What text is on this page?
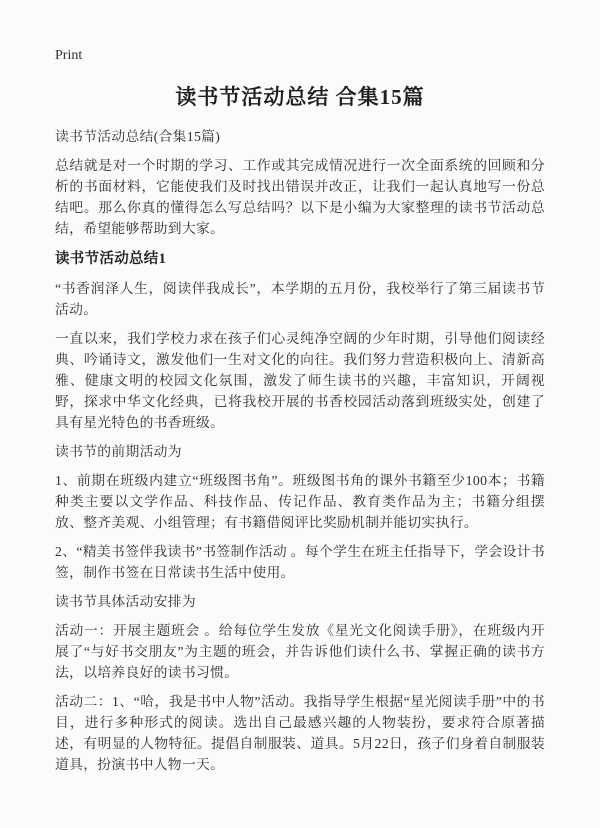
Print
读书节活动总结 合集15篇

读书节活动总结(合集15篇)

总结就是对一个时期的学习、工作或其完成情况进行一次全面系统的回顾和分析的书面材料，它能使我们及时找出错误并改正，让我们一起认真地写一份总结吧。那么你真的懂得怎么写总结吗？以下是小编为大家整理的读书节活动总结，希望能够帮助到大家。

读书节活动总结1

“书香润泽人生，阅读伴我成长”，本学期的五月份，我校举行了第三届读书节活动。

一直以来，我们学校力求在孩子们心灵纯净空阔的少年时期，引导他们阅读经典、吟诵诗文，激发他们一生对文化的向往。我们努力营造积极向上、清新高雅、健康文明的校园文化氛围，激发了师生读书的兴趣，丰富知识，开阔视野，探求中华文化经典，已将我校开展的书香校园活动落到班级实处，创建了具有星光特色的书香班级。

读书节的前期活动为

1、前期在班级内建立“班级图书角”。班级图书角的课外书籍至少100本；书籍种类主要以文学作品、科技作品、传记作品、教育类作品为主；书籍分组摆放、整齐美观、小组管理；有书籍借阅评比奖励机制并能切实执行。

2、“精美书签伴我读书”书签制作活动 。每个学生在班主任指导下，学会设计书签，制作书签在日常读书生活中使用。

读书节具体活动安排为

活动一：开展主题班会 。给每位学生发放《星光文化阅读手册》，在班级内开展了“与好书交朋友”为主题的班会，并告诉他们读什么书、掌握正确的读书方法，以培养良好的读书习惯。

活动二：1、“哈，我是书中人物”活动。我指导学生根据“星光阅读手册”中的书目，进行多种形式的阅读。选出自己最感兴趣的人物装扮，要求符合原著描述，有明显的人物特征。提倡自制服装、道具。5月22日，孩子们身着自制服装道具，扮演书中人物一天。
